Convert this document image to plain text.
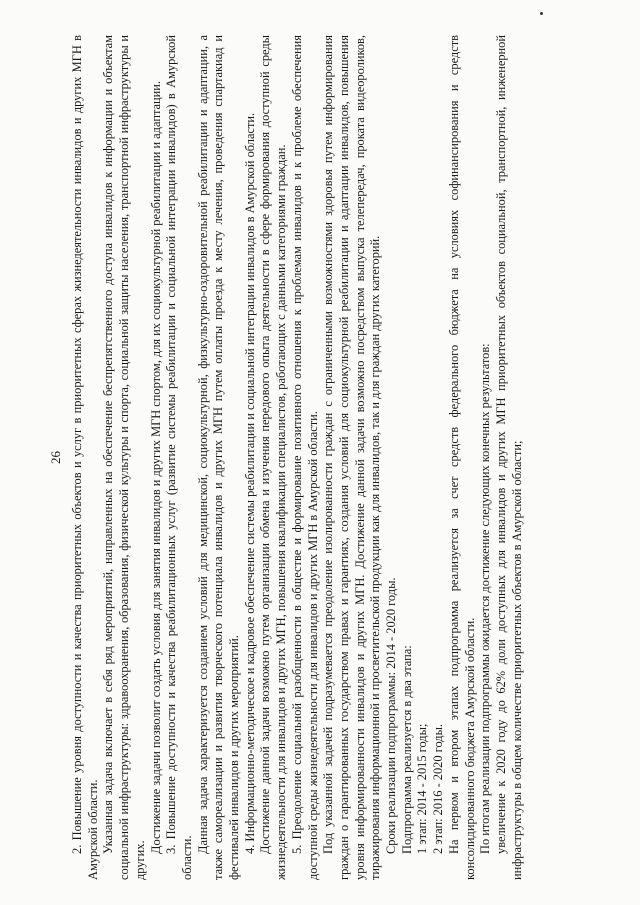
26 2. Повышение уровня доступности и качества приоритетных объектов и услуг в приоритетных сферах жизнедеятельности инвалидов и других МГН в Амурской области. Указанная задача включает в себя ряд мероприятий, направленных на обеспечение беспрепятственного доступа инвалидов к информации и объектам социальной инфраструктуры: здравоохранения, образования, физической культуры и спорта, социальной защиты населения, транспортной инфраструктуры и других.

Достижение задачи позволит создать условия для занятия инвалидов и других МГН спортом, для их социокультурной реабилитации и адаптации. 3. Повышение доступности и качества реабилитационных услуг (развитие системы реабилитации и социальной интеграции инвалидов) в Амурской области.

Данная задача характеризуется созданием условий для медицинской, социокультурной, физкультурно-оздоровительной реабилитации и адаптации, а также самореализации и развития творческого потенциала инвалидов и других МГН путем оплаты проезда к месту лечения, проведения спартакиад и фестивалей инвалидов и других мероприятий. 4. Информационно-методическое и кадровое обеспечение системы реабилитации и социальной интеграции инвалидов в Амурской области. Достижение данной задачи возможно путем организации обмена и изучения передового опыта деятельности в сфере формирования доступной среды жизнедеятельности для инвалидов и других МГН, повышения квалификации специалистов, работающих с данными категориями граждан. 5. Преодоление социальной разобщенности в обществе и формирование позитивного отношения к проблемам инвалидов и к проблеме обеспечения доступной среды жизнедеятельности для инвалидов и других МГН в Амурской области. Под указанной задачей подразумевается преодоление изолированности граждан с ограниченными возможностями здоровья путем информирования граждан о гарантированных государством правах и гарантиях, создания условий для социокультурной реабилитации и адаптации инвалидов, повышения уровня информированности инвалидов и других МГН. Достижение данной задачи возможно посредством выпуска телепередач, проката видеороликов, тиражирования информационной и просветительской продукции как для инвалидов, так и для граждан других категорий. Сроки реализации подпрограммы: 2014 - 2020 годы. Подпрограмма реализуется в два этапа: 1 этап: 2014 - 2015 годы; 2 этап: 2016 - 2020 годы. На первом и втором этапах подпрограмма реализуется за счет средств федерального бюджета на условиях софинансирования и средств консолидированного бюджета Амурской области. По итогам реализации подпрограммы ожидается достижение следующих конечных результатов: увеличение к 2020 году до 62% доли доступных для инвалидов и других МГН приоритетных объектов социальной, транспортной, инженерной инфраструктуры в общем количестве приоритетных объектов в Амурской области;
